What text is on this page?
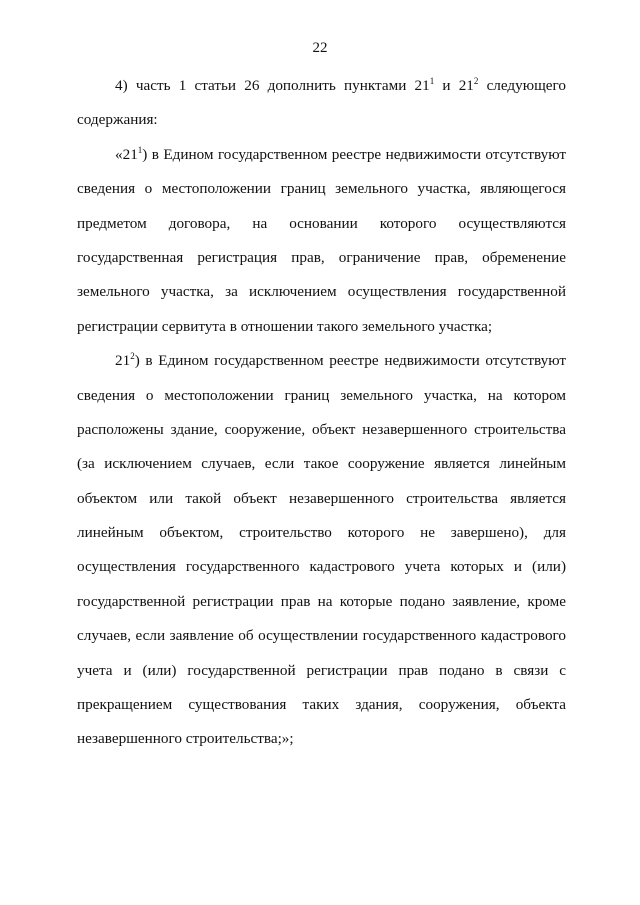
22
4) часть 1 статьи 26 дополнить пунктами $21^1$ и $21^2$ следующего
содержания:
«$21^1$) в Едином государственном реестре недвижимости отсутствуют
сведения о местоположении границ земельного участка, являющегося
предметом договора, на основании которого осуществляются
государственная регистрация прав, ограничение прав, обременение
земельного участка, за исключением осуществления государственной
регистрации сервитута в отношении такого земельного участка;
$21^2$) в Едином государственном реестре недвижимости отсутствуют
сведения о местоположении границ земельного участка, на котором
расположены здание, сооружение, объект незавершенного строительства
(за исключением случаев, если такое сооружение является линейным
объектом или такой объект незавершенного строительства является
линейным объектом, строительство которого не завершено), для
осуществления государственного кадастрового учета которых и (или)
государственной регистрации прав на которые подано заявление, кроме
случаев, если заявление об осуществлении государственного кадастрового
учета и (или) государственной регистрации прав подано в связи с
прекращением существования таких здания, сооружения, объекта
незавершенного строительства;»;
